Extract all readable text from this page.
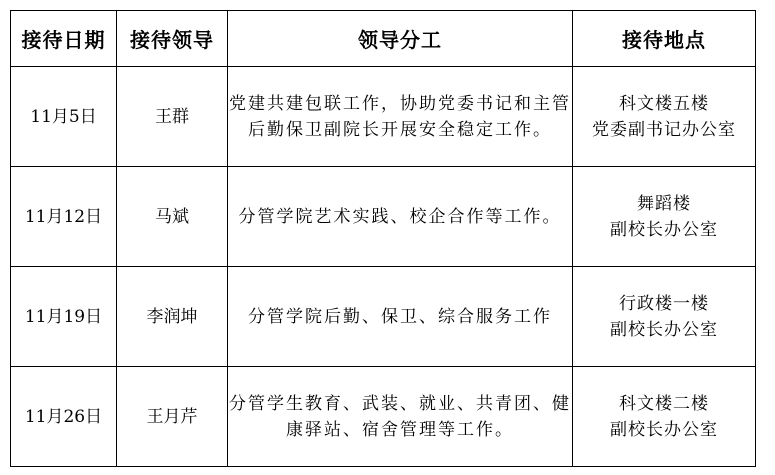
接待日期	接待领导	领导分工	接待地点
11月5日	王群	党建共建包联工作，协助党委书记和主管后勤保卫副院长开展安全稳定工作。	科文楼五楼
党委副书记办公室

11月12日	马斌	分管学院艺术实践、校企合作等工作。	舞蹈楼
副校长办公室

11月19日	李润坤	分管学院后勤、保卫、综合服务工作	行政楼一楼
副校长办公室

11月26日	王月芹	分管学生教育、武装、就业、共青团、健康驿站、宿舍管理等工作。	科文楼二楼
副校长办公室
